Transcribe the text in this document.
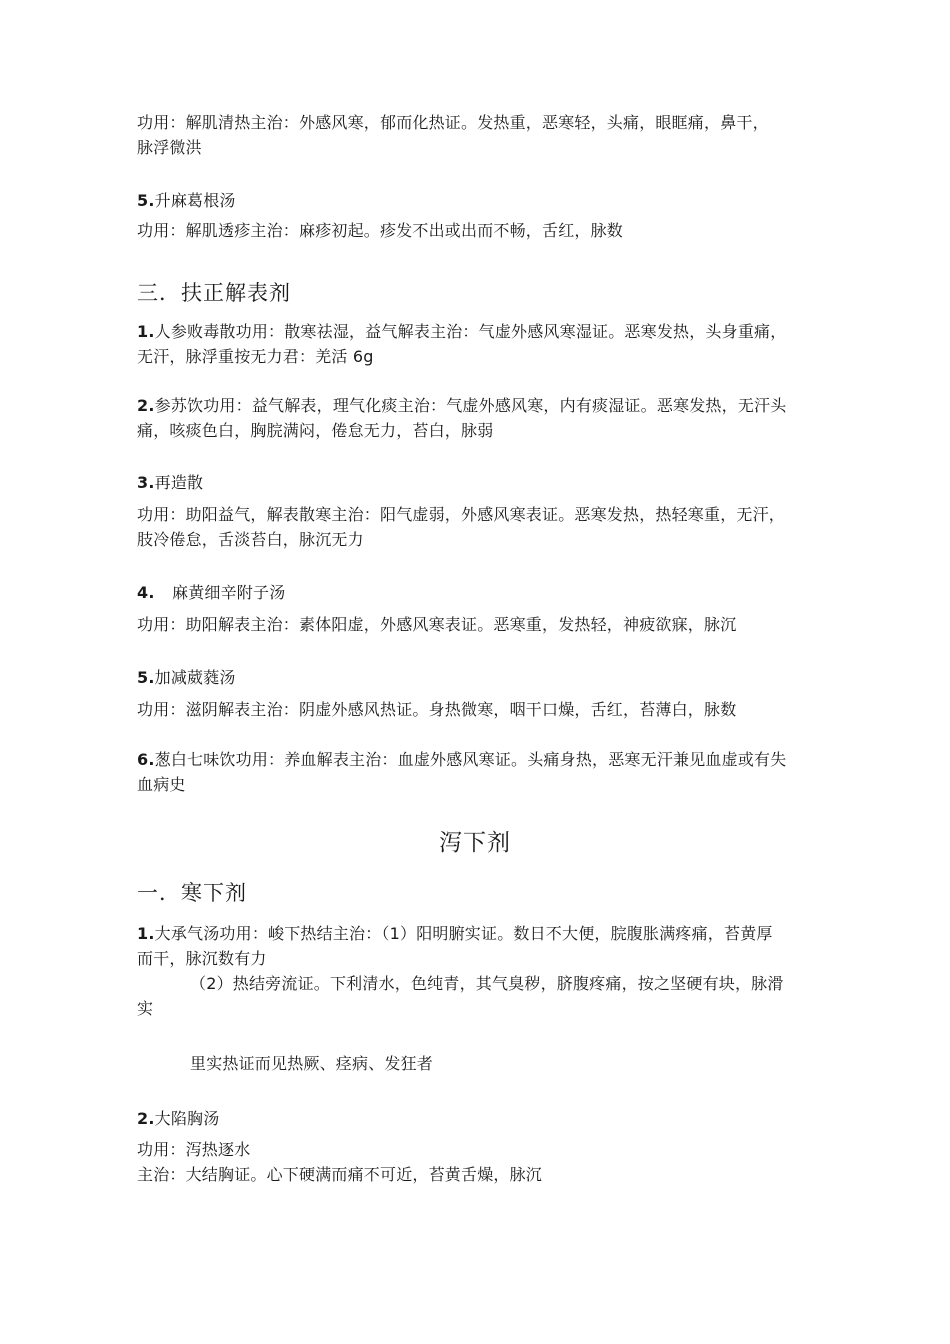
功用：解肌清热主治：外感风寒，郁而化热证。发热重，恶寒轻，头痛，眼眶痛，鼻干，
脉浮微洪
5.升麻葛根汤
功用：解肌透疹主治：麻疹初起。疹发不出或出而不畅，舌红，脉数
三．扶正解表剂
1.人参败毒散功用：散寒祛湿，益气解表主治：气虚外感风寒湿证。恶寒发热，头身重痛，
无汗，脉浮重按无力君：羌活 6g
2.参苏饮功用：益气解表，理气化痰主治：气虚外感风寒，内有痰湿证。恶寒发热，无汗头
痛，咳痰色白，胸脘满闷，倦怠无力，苔白，脉弱
3.再造散
功用：助阳益气，解表散寒主治：阳气虚弱，外感风寒表证。恶寒发热，热轻寒重，无汗，
肢冷倦怠，舌淡苔白，脉沉无力
4. 麻黄细辛附子汤
功用：助阳解表主治：素体阳虚，外感风寒表证。恶寒重，发热轻，神疲欲寐，脉沉
5.加减葳蕤汤
功用：滋阴解表主治：阴虚外感风热证。身热微寒，咽干口燥，舌红，苔薄白，脉数
6.葱白七味饮功用：养血解表主治：血虚外感风寒证。头痛身热，恶寒无汗兼见血虚或有失
血病史
泻下剂
一．寒下剂
1.大承气汤功用：峻下热结主治：（1）阳明腑实证。数日不大便，脘腹胀满疼痛，苔黄厚
而干，脉沉数有力
（2）热结旁流证。下利清水，色纯青，其气臭秽，脐腹疼痛，按之坚硬有块，脉滑
实
里实热证而见热厥、痉病、发狂者
2.大陷胸汤
功用：泻热逐水
主治：大结胸证。心下硬满而痛不可近，苔黄舌燥，脉沉
